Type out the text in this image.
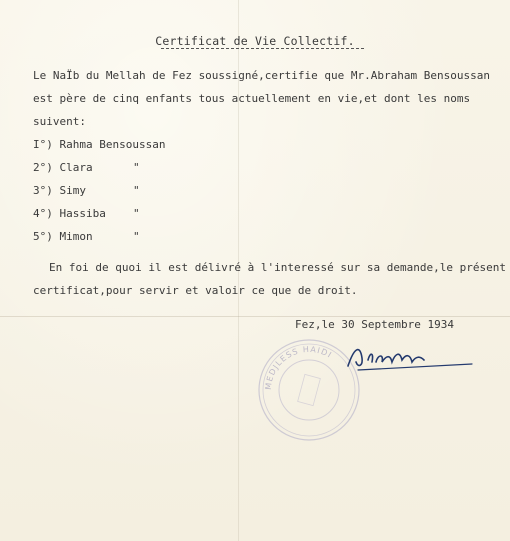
Certificat de Vie Collectif.
Le NaÏb du Mellah de Fez soussigné,certifie que Mr.Abraham Bensoussan
est père de cinq enfants tous actuellement en vie,et dont les noms
suivent:
I°) Rahma Bensoussan
2°) Clara	"
3°) Simy	"
4°) Hassiba "
5°) Mimon	"
En foi de quoi il est délivré à l'interessé sur sa demande,le présent
certificat,pour servir et valoir ce que de droit.
Fez,le 30 Septembre 1934
MEDJLESS HAIDI
